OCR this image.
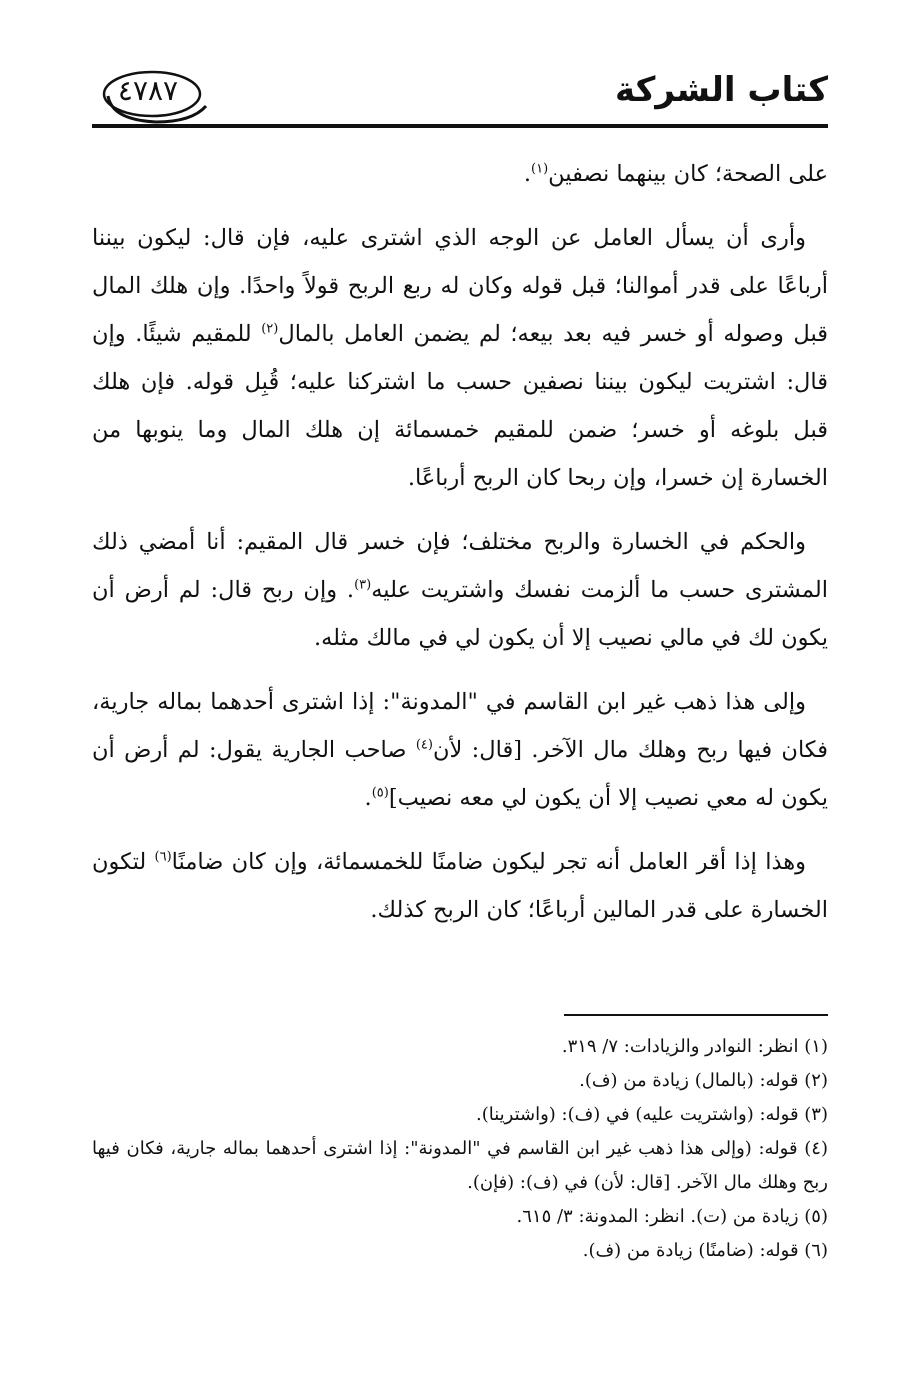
كتاب الشركة
٤٧٨٧

على الصحة؛ كان بينهما نصفين$^{(١)}$.

وأرى أن يسأل العامل عن الوجه الذي اشترى عليه، فإن قال: ليكون بيننا أرباعًا على قدر أموالنا؛ قبل قوله وكان له ربع الربح قولاً واحدًا. وإن هلك المال قبل وصوله أو خسر فيه بعد بيعه؛ لم يضمن العامل بالمال$^{(٢)}$ للمقيم شيئًا. وإن قال: اشتريت ليكون بيننا نصفين حسب ما اشتركنا عليه؛ قُبِل قوله. فإن هلك قبل بلوغه أو خسر؛ ضمن للمقيم خمسمائة إن هلك المال وما ينوبها من الخسارة إن خسرا، وإن ربحا كان الربح أرباعًا.

والحكم في الخسارة والربح مختلف؛ فإن خسر قال المقيم: أنا أمضي ذلك المشترى حسب ما ألزمت نفسك واشتريت عليه$^{(٣)}$. وإن ربح قال: لم أرض أن يكون لك في مالي نصيب إلا أن يكون لي في مالك مثله.

وإلى هذا ذهب غير ابن القاسم في "المدونة": إذا اشترى أحدهما بماله جارية، فكان فيها ربح وهلك مال الآخر. [قال: لأن$^{(٤)}$ صاحب الجارية يقول: لم أرض أن يكون له معي نصيب إلا أن يكون لي معه نصيب]$^{(٥)}$.

وهذا إذا أقر العامل أنه تجر ليكون ضامنًا للخمسمائة، وإن كان ضامنًا$^{(٦)}$ لتكون الخسارة على قدر المالين أرباعًا؛ كان الربح كذلك.

(١) انظر: النوادر والزيادات: ٧/ ٣١٩.

(٢) قوله: (بالمال) زيادة من (ف).

(٣) قوله: (واشتريت عليه) في (ف): (واشترينا).

(٤) قوله: (وإلى هذا ذهب غير ابن القاسم في "المدونة": إذا اشترى أحدهما بماله جارية، فكان فيها ربح وهلك مال الآخر. [قال: لأن) في (ف): (فإن).

(٥) زيادة من (ت). انظر: المدونة: ٣/ ٦١٥.

(٦) قوله: (ضامنًا) زيادة من (ف).
